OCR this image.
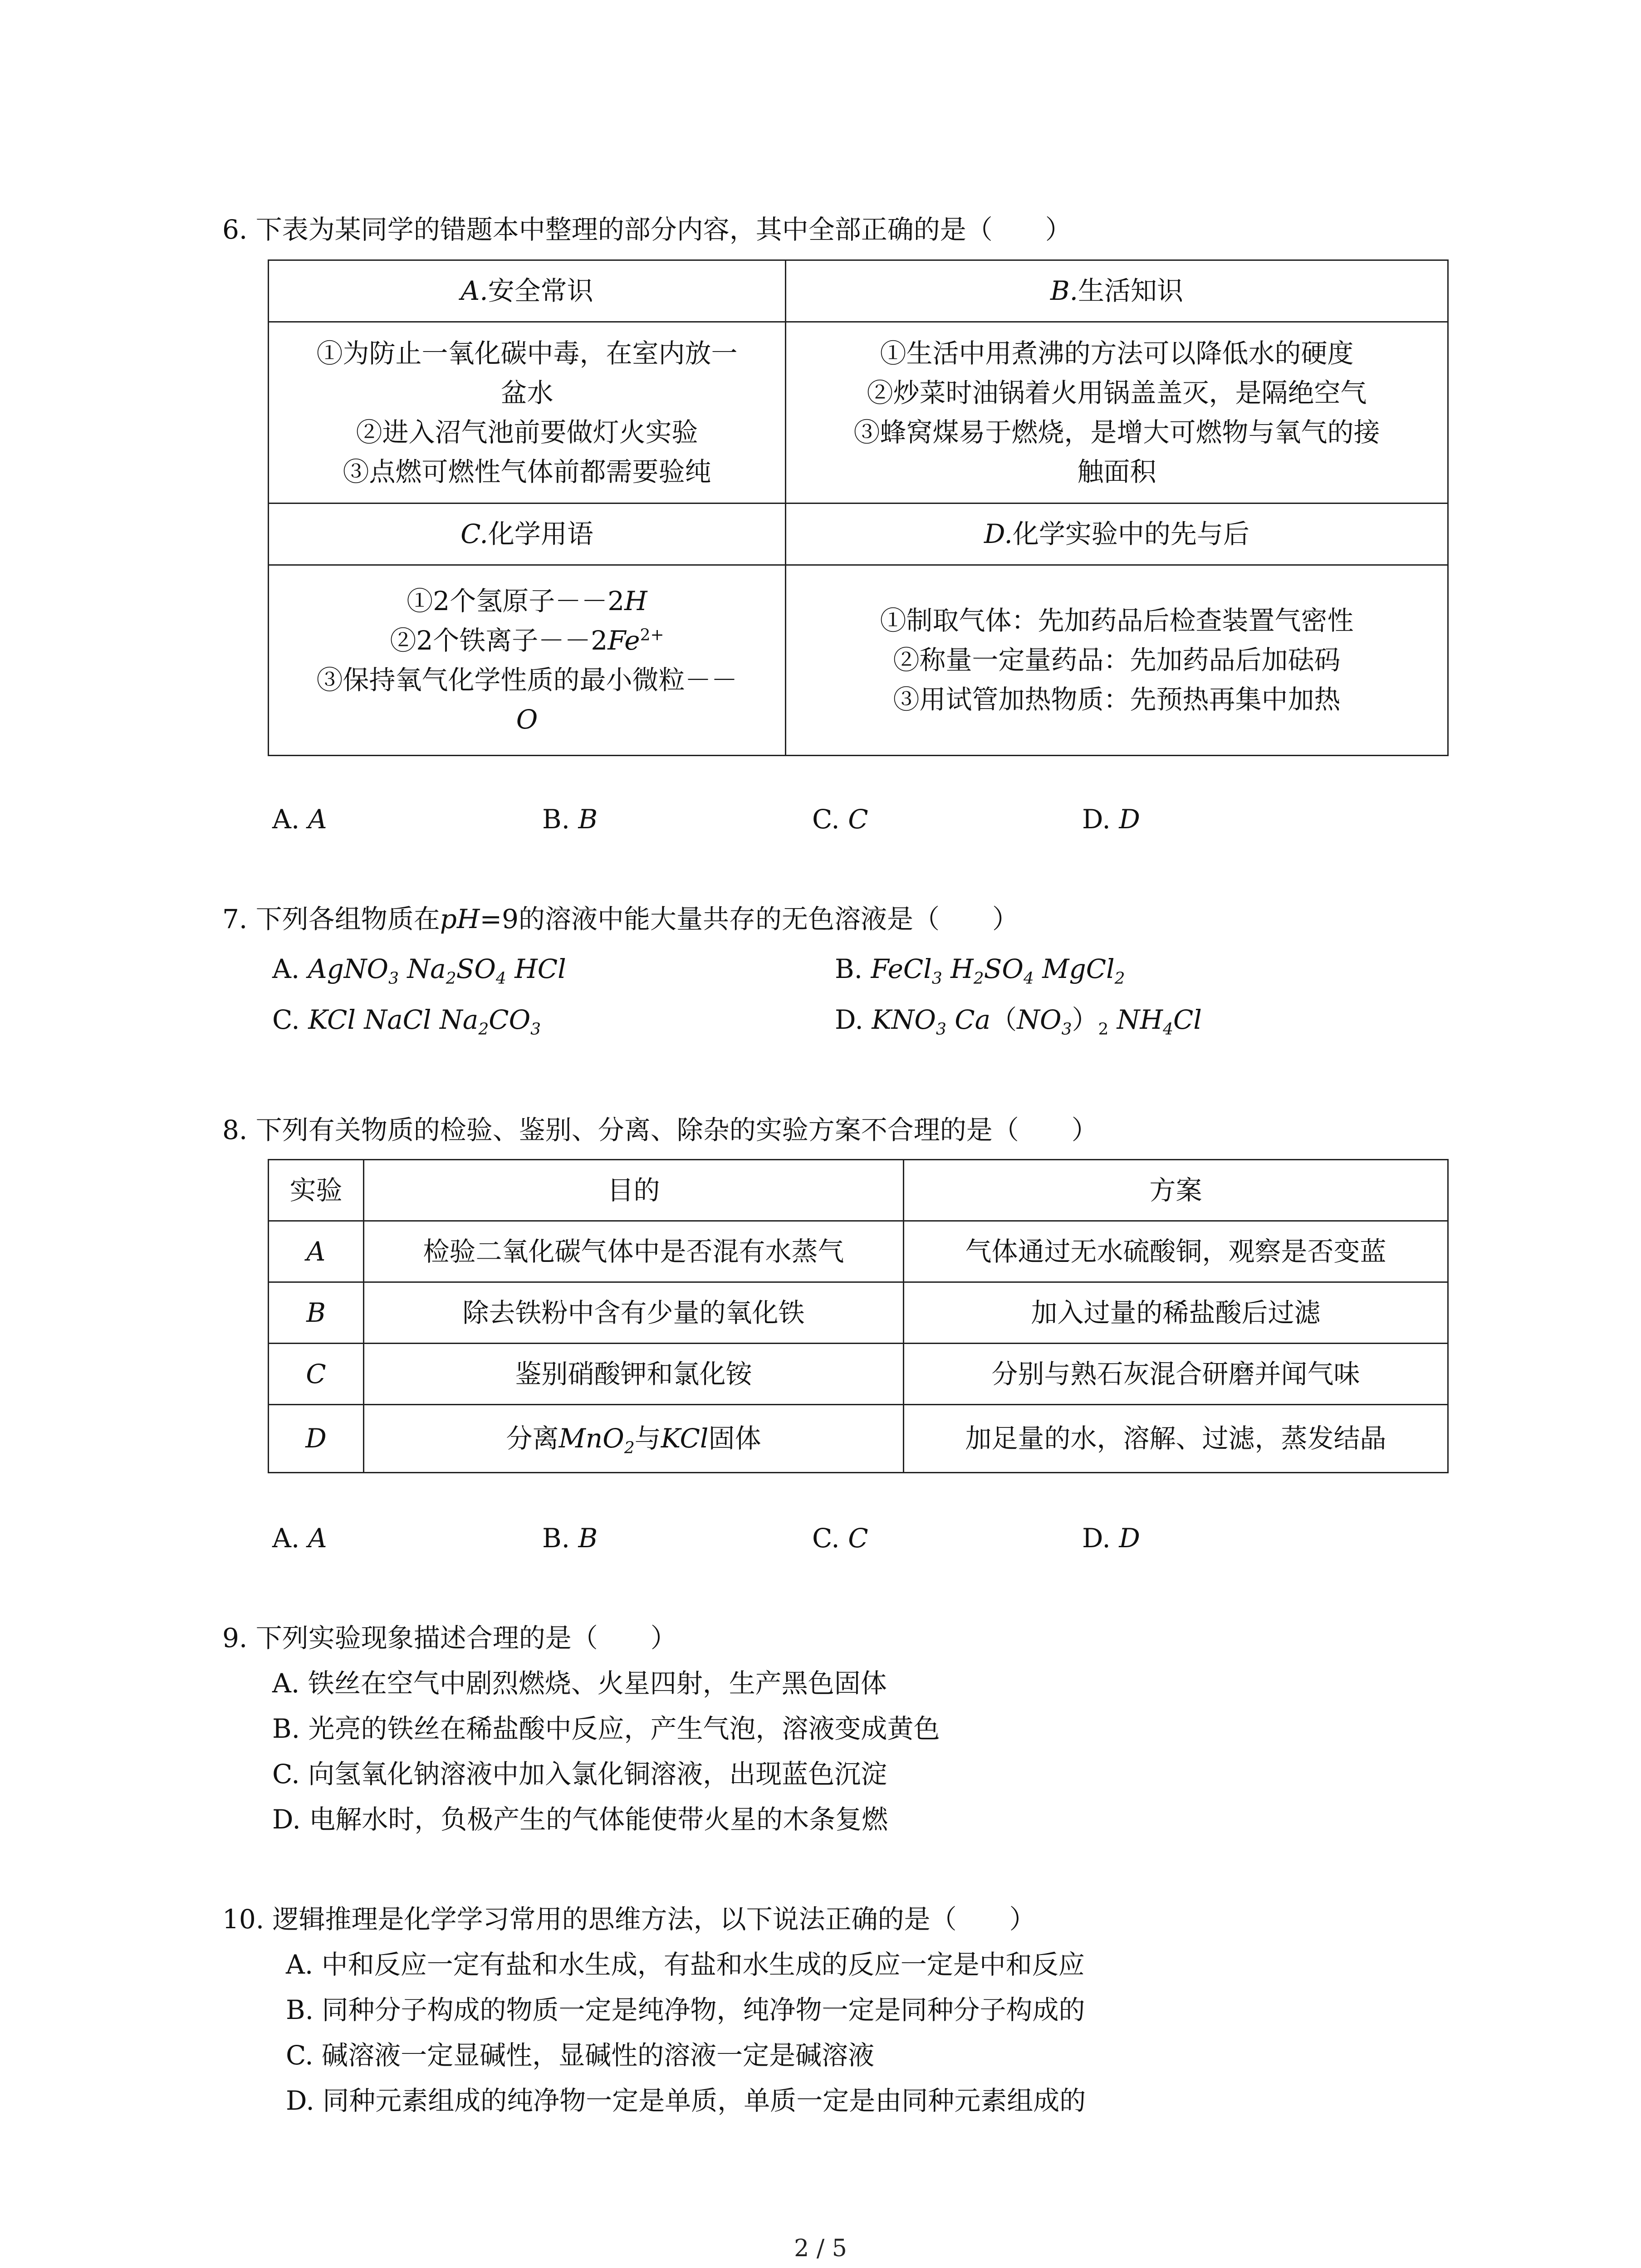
6. 下表为某同学的错题本中整理的部分内容，其中全部正确的是（　　）
A.安全常识	B.生活知识

①为防止一氧化碳中毒，在室内放一
盆水
②进入沼气池前要做灯火实验
③点燃可燃性气体前都需要验纯	①生活中用煮沸的方法可以降低水的硬度
②炒菜时油锅着火用锅盖盖灭，是隔绝空气
③蜂窝煤易于燃烧，是增大可燃物与氧气的接
触面积

C.化学用语	D.化学实验中的先与后

①2个氢原子－－2H
②2个铁离子$--2Fe^{2+}$
③保持氧气化学性质的最小微粒－－
O	①制取气体：先加药品后检查装置气密性
②称量一定量药品：先加药品后加砝码
③用试管加热物质：先预热再集中加热
A. A	B. B	C. C	D. D
7. 下列各组物质在pH=9的溶液中能大量共存的无色溶液是（　　）
A. AgNO$_3$ $Na_2SO_4$ HCl	B. FeCl$_3$ $H_2SO_4$ MgCl$_2$
C. KCl NaCl $Na_2CO_3$	D. $KNO_3$ $Ca(NO_3)_2$ $NH_4Cl$
8. 下列有关物质的检验、鉴别、分离、除杂的实验方案不合理的是（　　）
实验	目的	方案
A	检验二氧化碳气体中是否混有水蒸气	气体通过无水硫酸铜，观察是否变蓝
B	除去铁粉中含有少量的氧化铁	加入过量的稀盐酸后过滤
C	鉴别硝酸钾和氯化铵	分别与熟石灰混合研磨并闻气味
D	分离MnO$_2$与KCl固体	加足量的水，溶解、过滤，蒸发结晶
A. A	B. B	C. C	D. D
9. 下列实验现象描述合理的是（　　）
A. 铁丝在空气中剧烈燃烧、火星四射，生产黑色固体
B. 光亮的铁丝在稀盐酸中反应，产生气泡，溶液变成黄色
C. 向氢氧化钠溶液中加入氯化铜溶液，出现蓝色沉淀
D. 电解水时，负极产生的气体能使带火星的木条复燃
10. 逻辑推理是化学学习常用的思维方法，以下说法正确的是（　　）
A. 中和反应一定有盐和水生成，有盐和水生成的反应一定是中和反应
B. 同种分子构成的物质一定是纯净物，纯净物一定是同种分子构成的
C. 碱溶液一定显碱性，显碱性的溶液一定是碱溶液
D. 同种元素组成的纯净物一定是单质，单质一定是由同种元素组成的
2 / 5
